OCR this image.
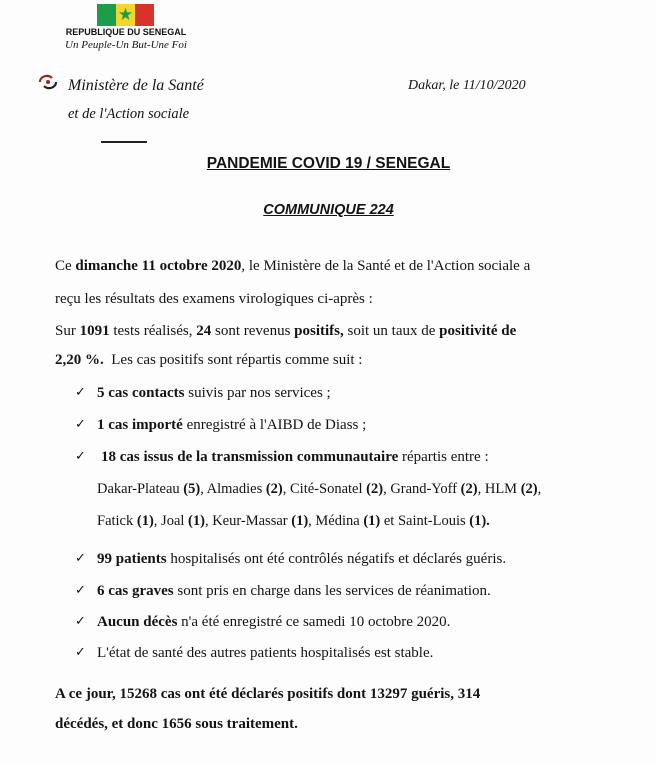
★
REPUBLIQUE DU SENEGAL
Un Peuple-Un But-Une Foi
Ministère de la Santé
et de l'Action sociale
Dakar, le 11/10/2020
PANDEMIE COVID 19 / SENEGAL
COMMUNIQUE 224
Ce dimanche 11 octobre 2020, le Ministère de la Santé et de l'Action sociale a
reçu les résultats des examens virologiques ci-après :
Sur 1091 tests réalisés, 24 sont revenus positifs, soit un taux de positivité de
2,20 %.  Les cas positifs sont répartis comme suit :
✓ 5 cas contacts suivis par nos services ;
✓ 1 cas importé enregistré à l'AIBD de Diass ;
✓ 18 cas issus de la transmission communautaire répartis entre :
Dakar-Plateau (5), Almadies (2), Cité-Sonatel (2), Grand-Yoff (2), HLM (2),
Fatick (1), Joal (1), Keur-Massar (1), Médina (1) et Saint-Louis (1).
✓ 99 patients hospitalisés ont été contrôlés négatifs et déclarés guéris.
✓ 6 cas graves sont pris en charge dans les services de réanimation.
✓ Aucun décès n'a été enregistré ce samedi 10 octobre 2020.
✓ L'état de santé des autres patients hospitalisés est stable.
A ce jour, 15268 cas ont été déclarés positifs dont 13297 guéris, 314
décédés, et donc 1656 sous traitement.
